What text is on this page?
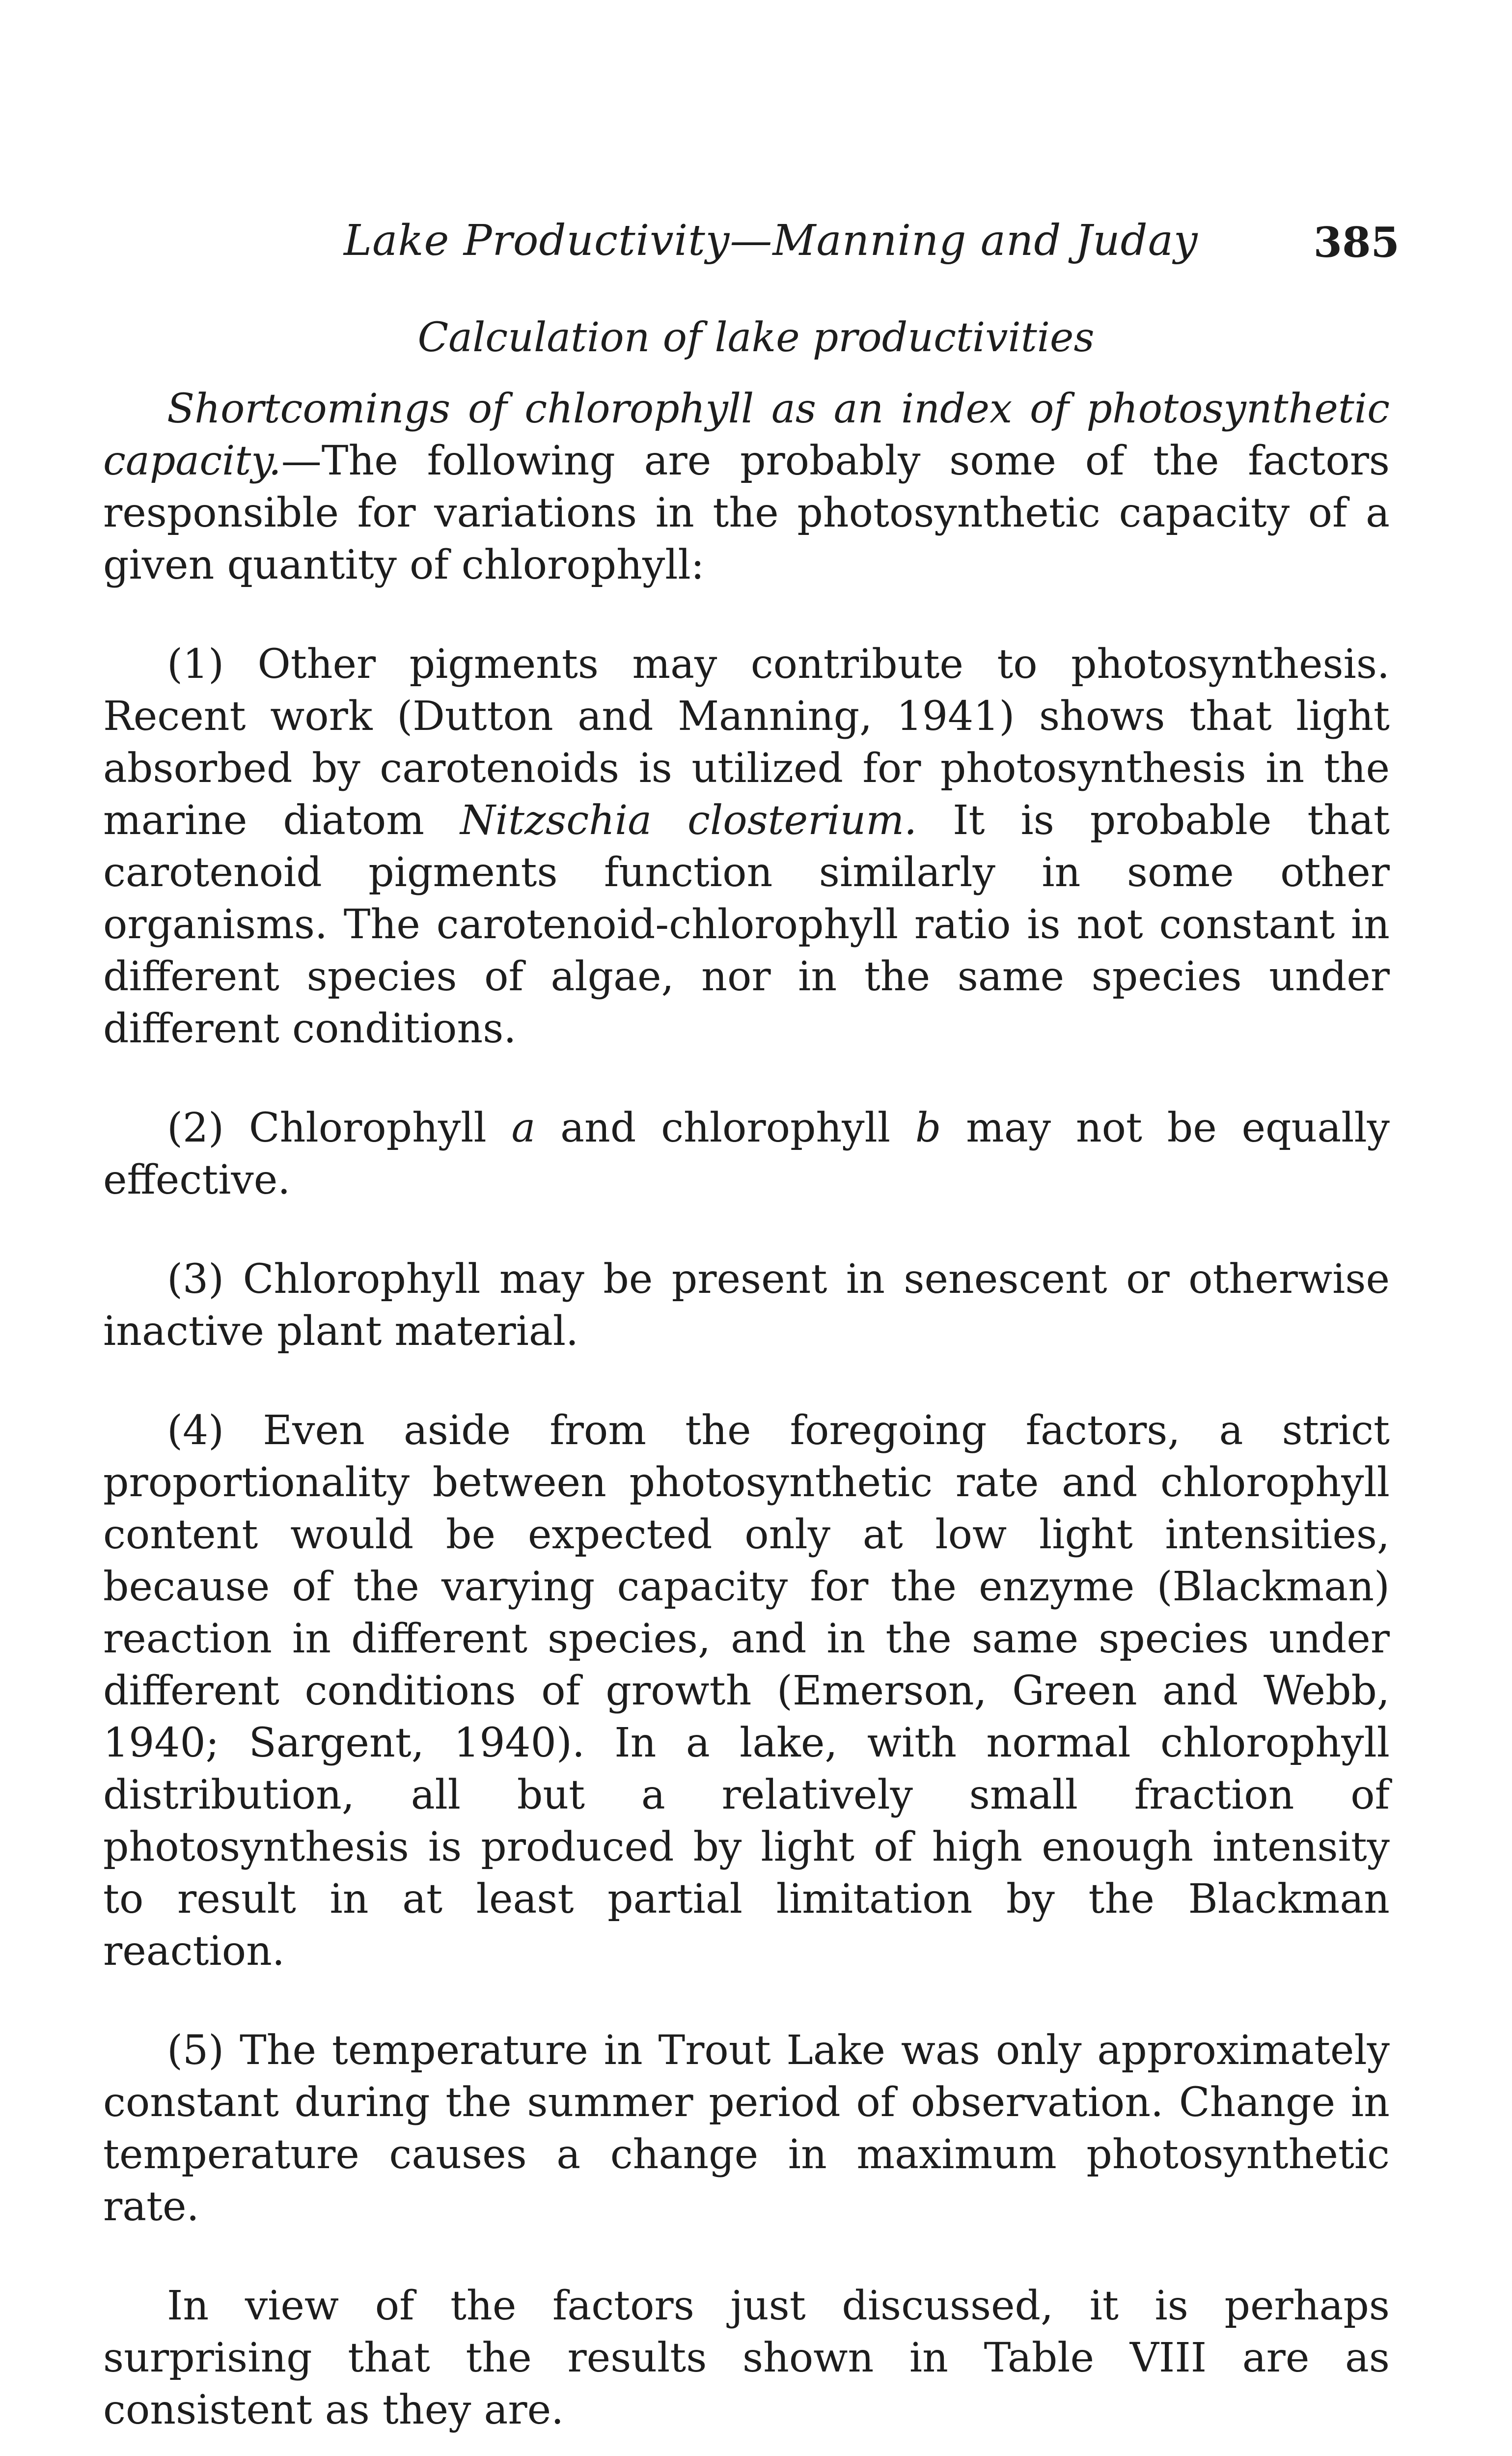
Lake Productivity—Manning and Juday	385
Calculation of lake productivities

Shortcomings of chlorophyll as an index of photosynthetic capacity.—The following are probably some of the factors responsible for variations in the photosynthetic capacity of a given quantity of chlorophyll:

(1) Other pigments may contribute to photosynthesis. Recent work (Dutton and Manning, 1941) shows that light absorbed by carotenoids is utilized for photosynthesis in the marine diatom Nitzschia closterium. It is probable that carotenoid pigments function similarly in some other organisms. The carotenoid-chlorophyll ratio is not constant in different species of algae, nor in the same species under different conditions.

(2) Chlorophyll a and chlorophyll b may not be equally effective.

(3) Chlorophyll may be present in senescent or otherwise inactive plant material.

(4) Even aside from the foregoing factors, a strict proportionality between photosynthetic rate and chlorophyll content would be expected only at low light intensities, because of the varying capacity for the enzyme (Blackman) reaction in different species, and in the same species under different conditions of growth (Emerson, Green and Webb, 1940; Sargent, 1940). In a lake, with normal chlorophyll distribution, all but a relatively small fraction of photosynthesis is produced by light of high enough intensity to result in at least partial limitation by the Blackman reaction.

(5) The temperature in Trout Lake was only approximately constant during the summer period of observation. Change in temperature causes a change in maximum photosynthetic rate.

In view of the factors just discussed, it is perhaps surprising that the results shown in Table VIII are as consistent as they are.
